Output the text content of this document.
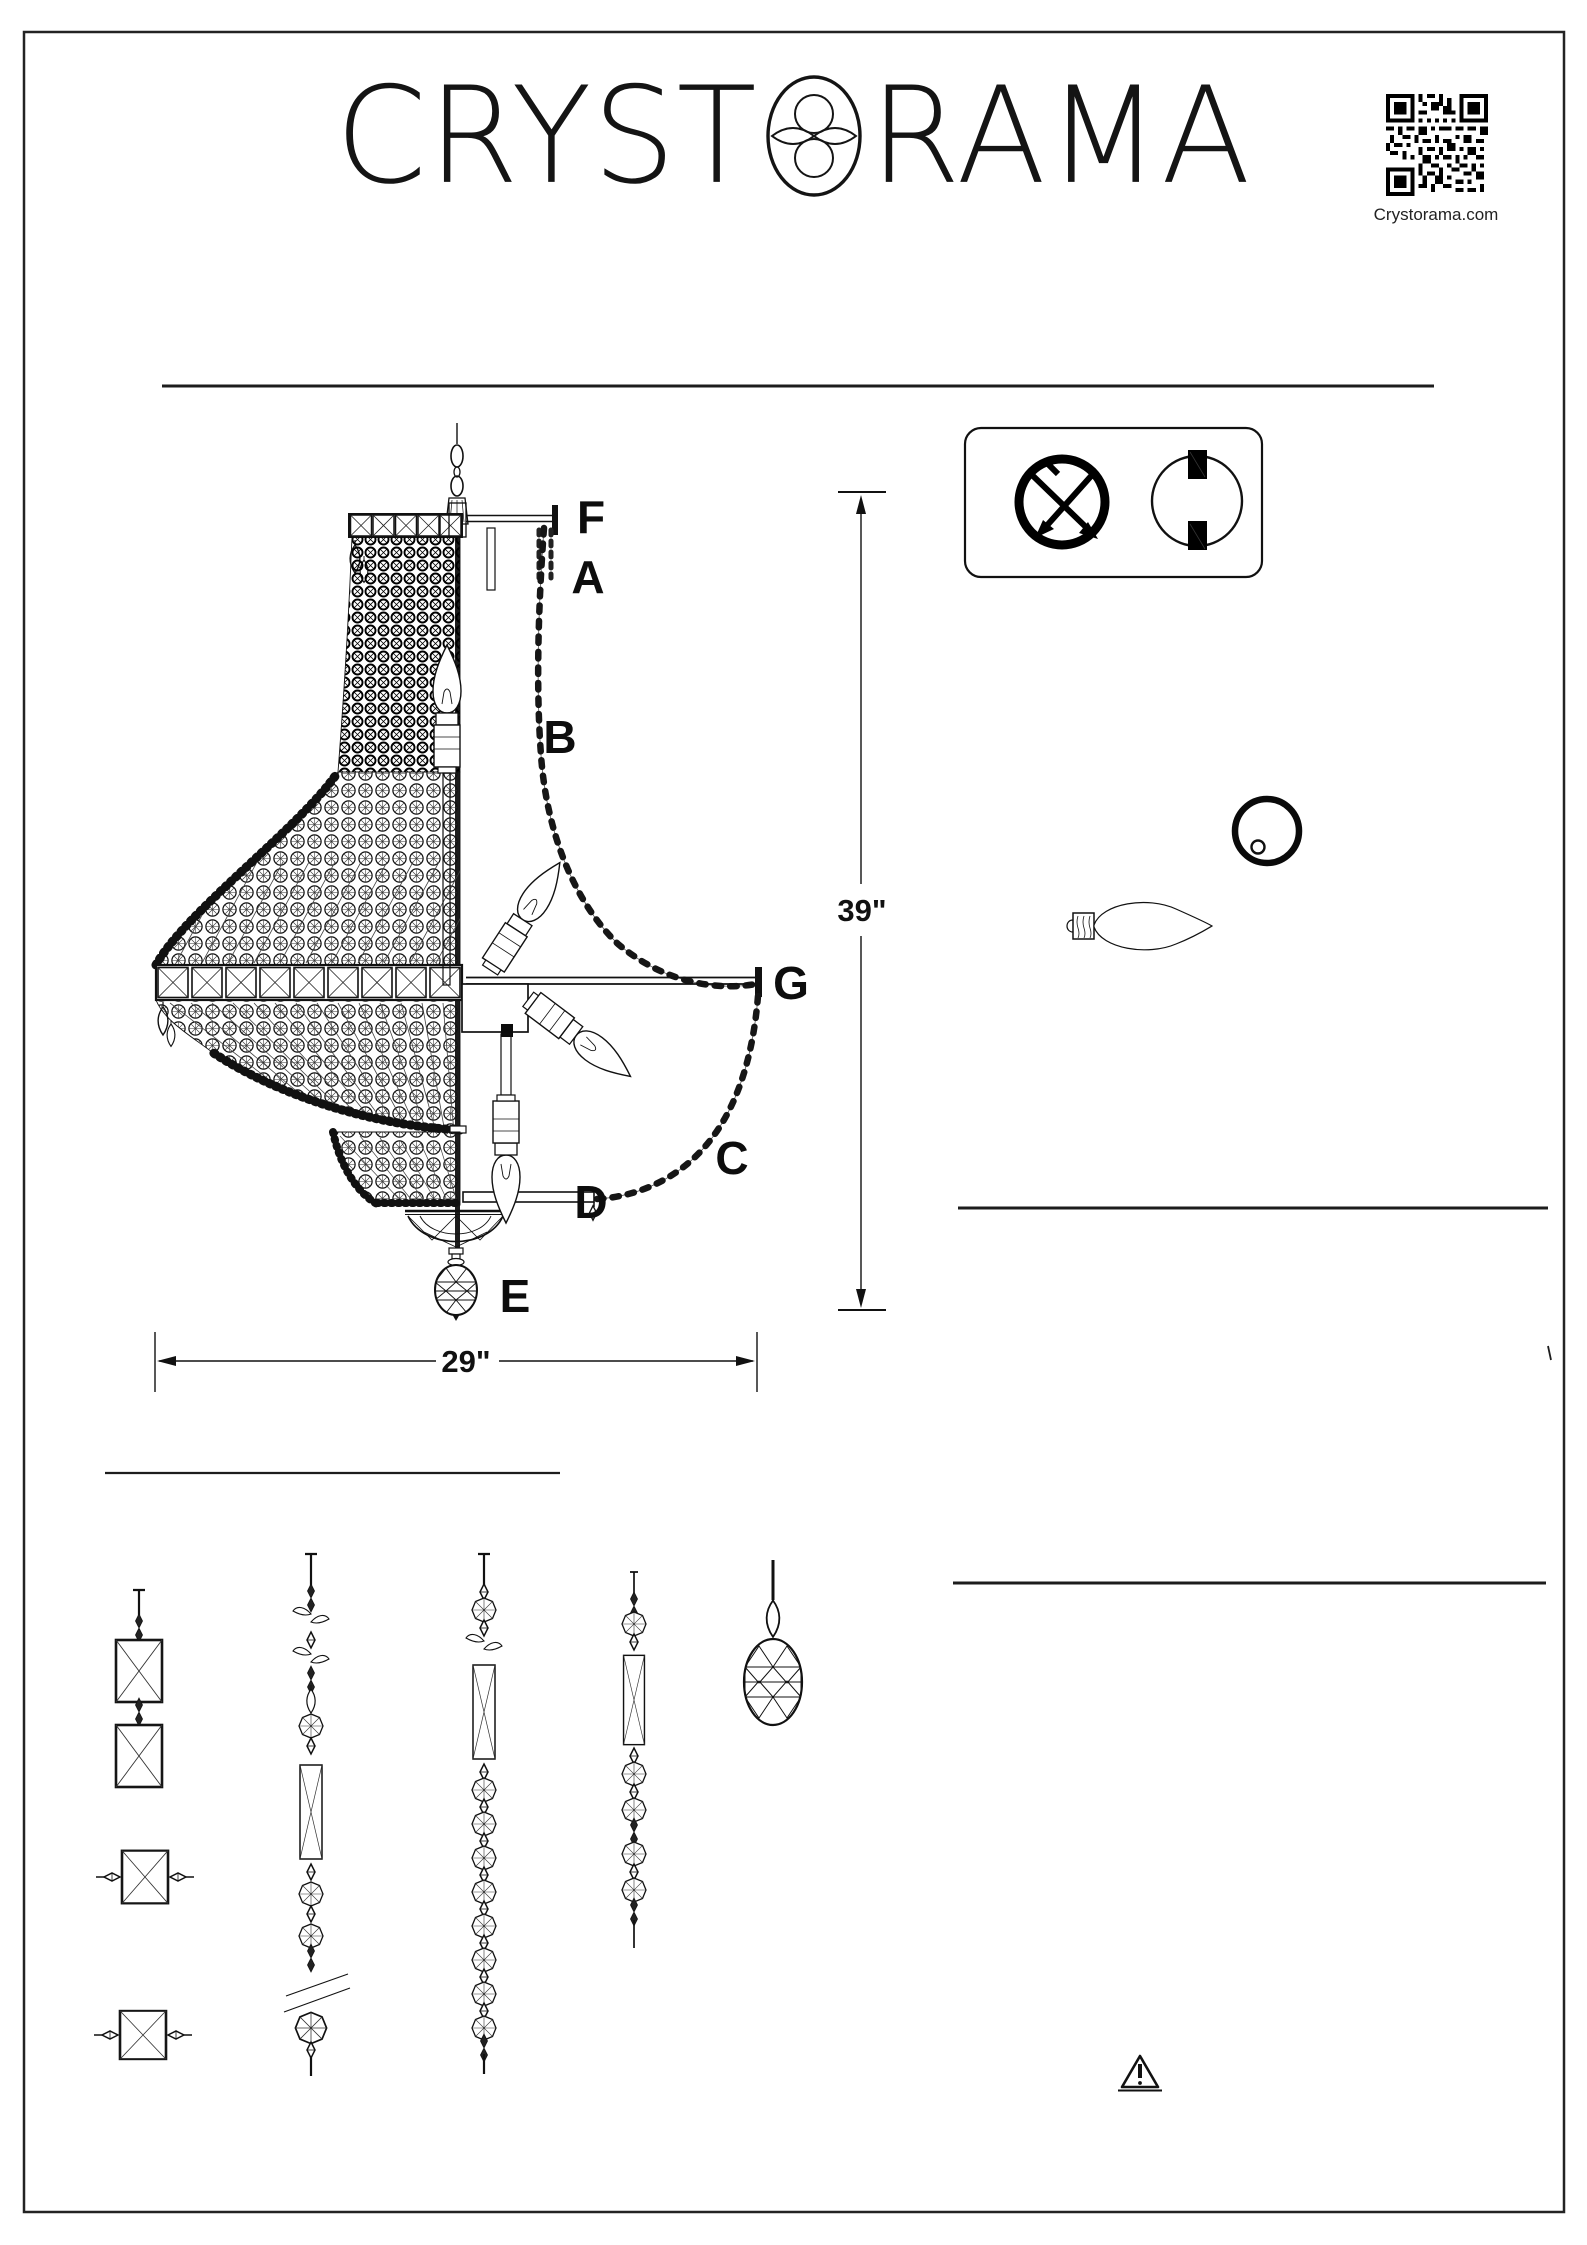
CRYST RAMA
Crystorama.com
F
A
B
G
C
D
E
39"
29"
